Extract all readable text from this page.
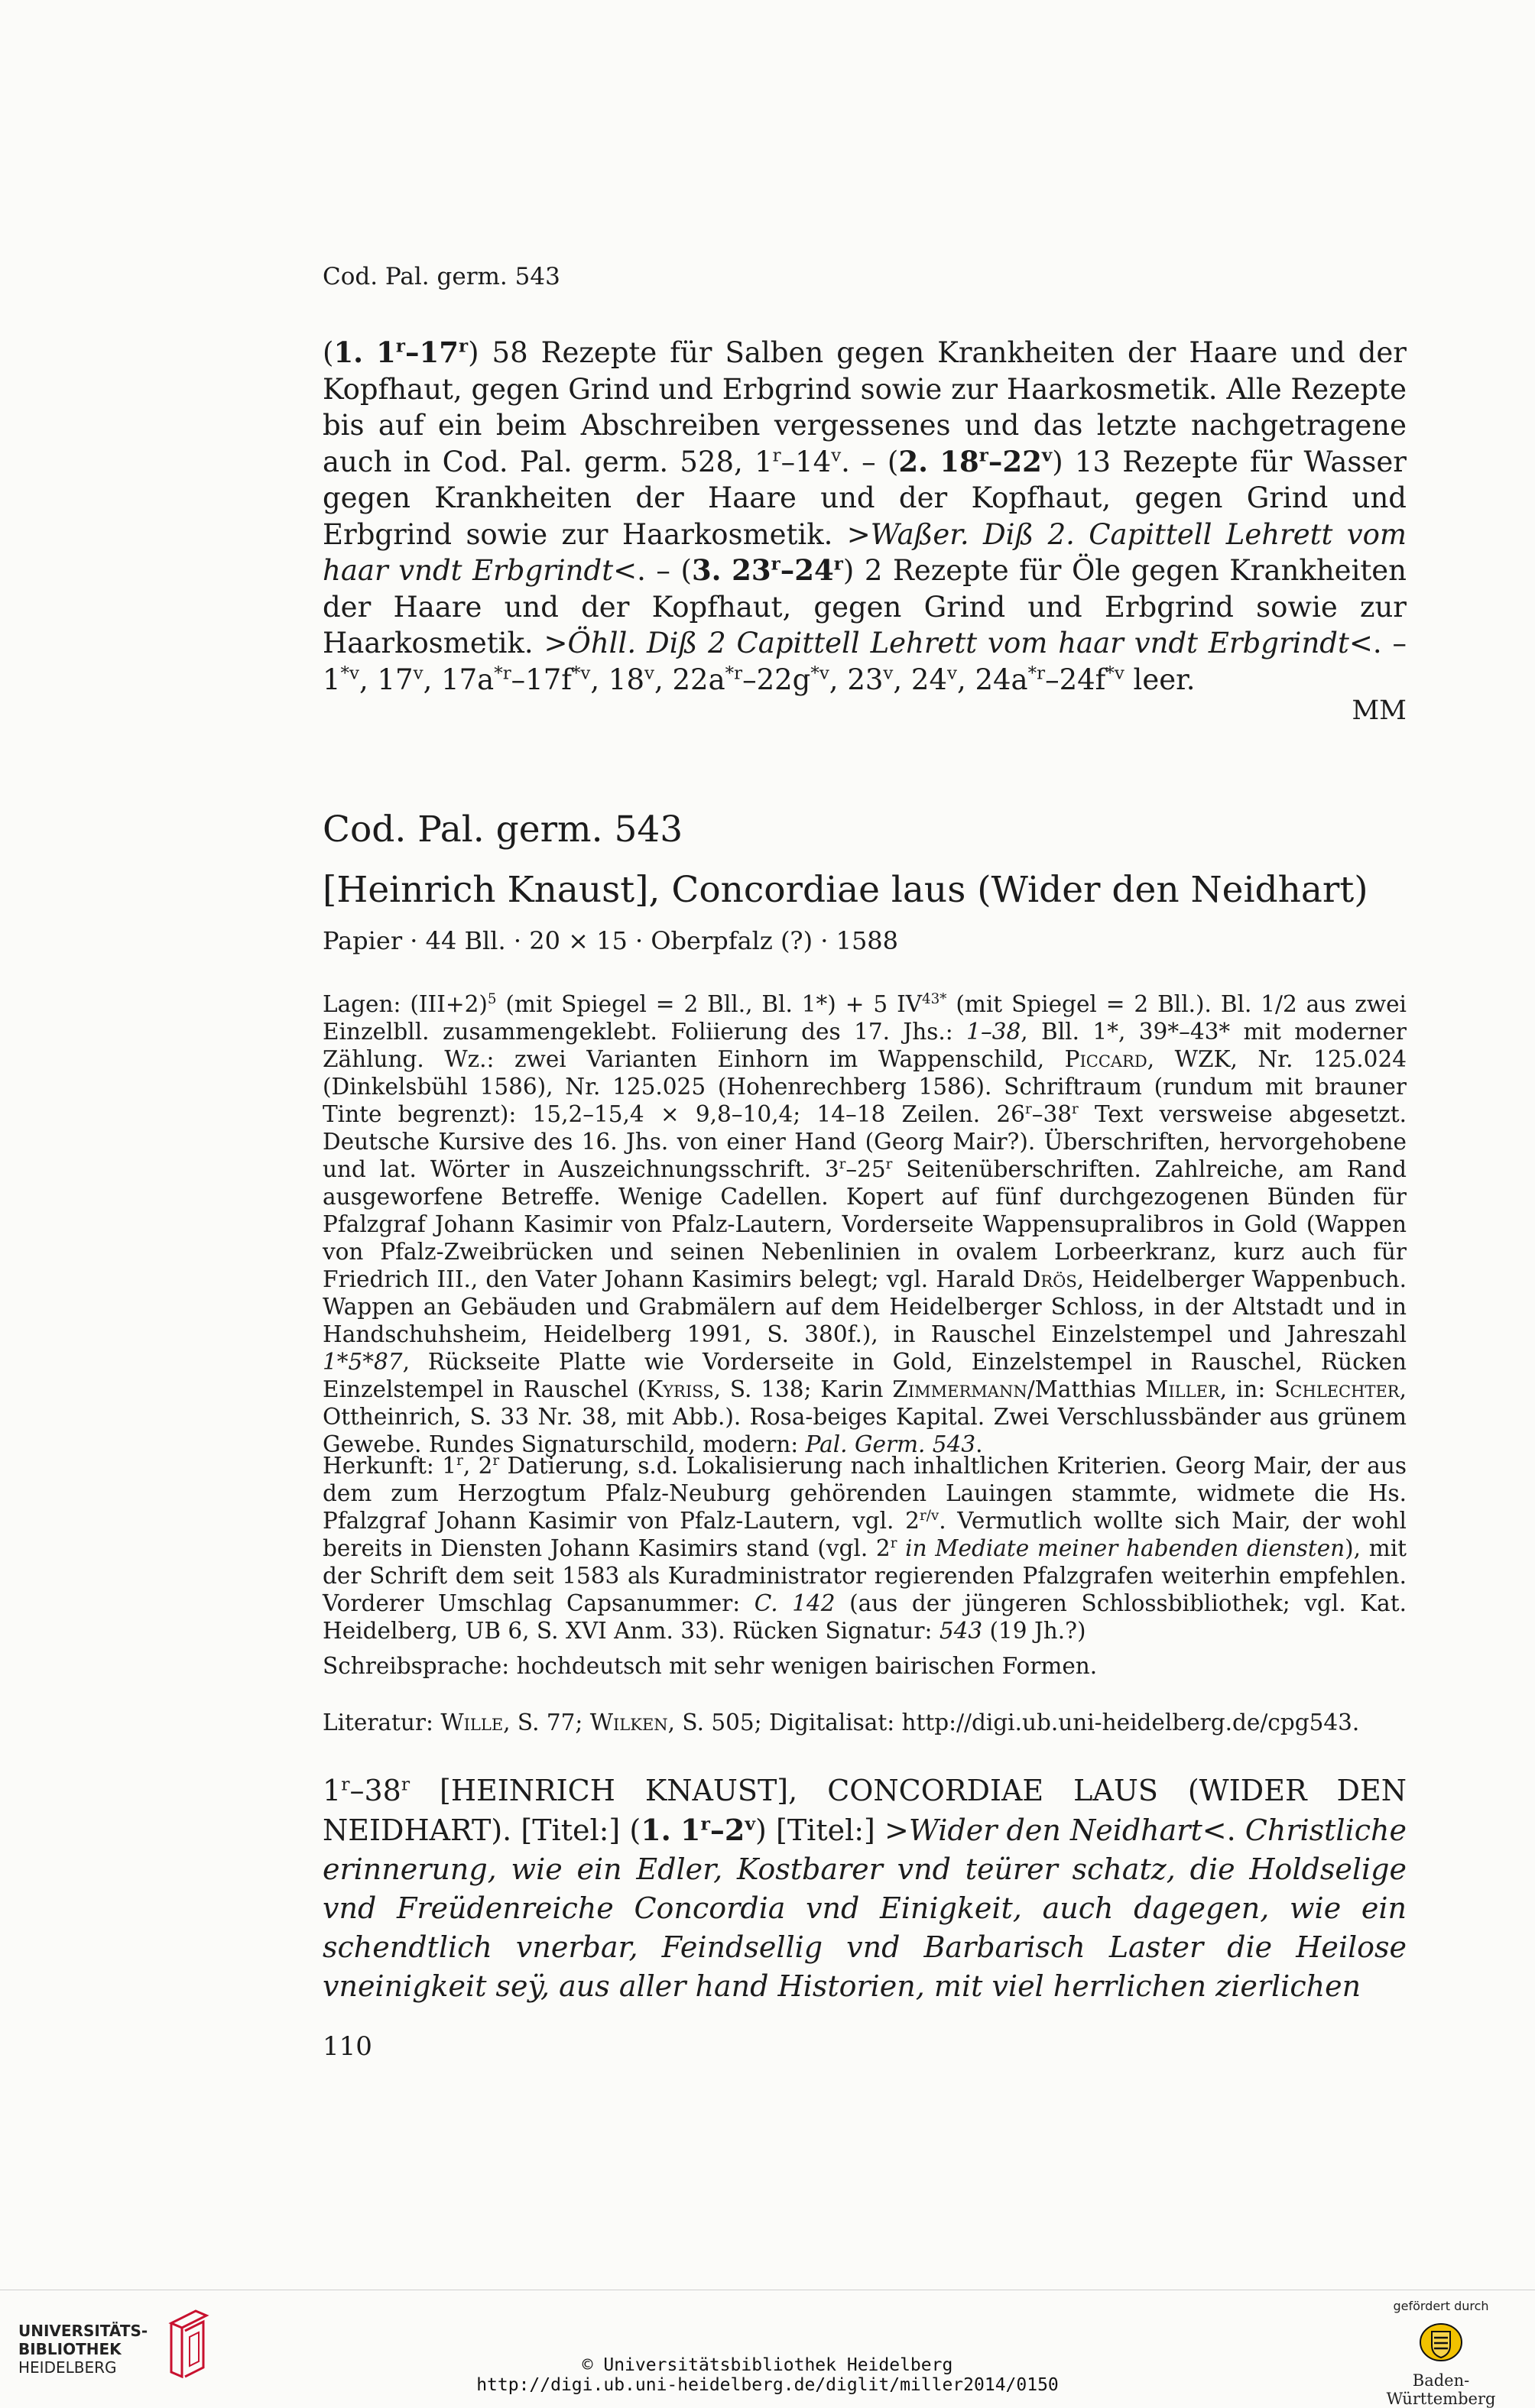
Cod. Pal. germ. 543
(1. 1$^r$–17$^r$) 58 Rezepte für Salben gegen Krankheiten der Haare und der Kopfhaut, gegen Grind und Erbgrind sowie zur Haarkosmetik. Alle Rezepte bis auf ein beim Abschreiben vergessenes und das letzte nachgetragene auch in Cod. Pal. germ. 528, 1$^r$–14$^v$. – (2. 18$^r$–22$^v$) 13 Rezepte für Wasser gegen Krankheiten der Haare und der Kopfhaut, gegen Grind und Erbgrind sowie zur Haarkosmetik. >Waßer. Diß 2. Capittell Lehrett vom haar vndt Erbgrindt<. – (3. 23$^r$–24$^r$) 2 Rezepte für Öle gegen Krankheiten der Haare und der Kopfhaut, gegen Grind und Erbgrind sowie zur Haarkosmetik. >Öhll. Diß 2 Capittell Lehrett vom haar vndt Erbgrindt<. – 1$^{*v}$, 17$^v$, $17a^{*r}-17f^{*v}$, 18$^v$, $22a^{*r}-22g^{*v}$, 23$^v$, 24$^v$, $24a^{*r}-24f^{*v}$ leer.
MM
Cod. Pal. germ. 543
[Heinrich Knaust], Concordiae laus (Wider den Neidhart)
Papier · 44 Bll. · 20 × 15 · Oberpfalz (?) · 1588
Lagen: $(III+2)^5$ (mit Spiegel = 2 Bll., Bl. 1*) + 5 $IV^{43*}$ (mit Spiegel = 2 Bll.). Bl. 1/2 aus zwei Einzelbll. zusammengeklebt. Foliierung des 17. Jhs.: 1–38, Bll. 1*, 39*–43* mit moderner Zählung. Wz.: zwei Varianten Einhorn im Wappenschild, Piccard, WZK, Nr. 125.024 (Dinkelsbühl 1586), Nr. 125.025 (Hohenrechberg 1586). Schriftraum (rundum mit brauner Tinte begrenzt): 15,2–15,4 × 9,8–10,4; 14–18 Zeilen. 26$^r$–38$^r$ Text versweise abgesetzt. Deutsche Kursive des 16. Jhs. von einer Hand (Georg Mair?). Überschriften, hervorgehobene und lat. Wörter in Auszeichnungsschrift. 3$^r$–25$^r$ Seitenüberschriften. Zahlreiche, am Rand ausgeworfene Betreffe. Wenige Cadellen. Kopert auf fünf durchgezogenen Bünden für Pfalzgraf Johann Kasimir von Pfalz-Lautern, Vorderseite Wappensupralibros in Gold (Wappen von Pfalz-Zweibrücken und seinen Nebenlinien in ovalem Lorbeerkranz, kurz auch für Friedrich III., den Vater Johann Kasimirs belegt; vgl. Harald Drös, Heidelberger Wappenbuch. Wappen an Gebäuden und Grabmälern auf dem Heidelberger Schloss, in der Altstadt und in Handschuhsheim, Heidelberg 1991, S. 380f.), in Rauschel Einzelstempel und Jahreszahl 1*5*87, Rückseite Platte wie Vorderseite in Gold, Einzelstempel in Rauschel, Rücken Einzelstempel in Rauschel (Kyriss, S. 138; Karin Zimmermann/Matthias Miller, in: Schlechter, Ottheinrich, S. 33 Nr. 38, mit Abb.). Rosa-beiges Kapital. Zwei Verschlussbänder aus grünem Gewebe. Rundes Signaturschild, modern: Pal. Germ. 543.
Herkunft: 1$^r$, 2$^r$ Datierung, s.d. Lokalisierung nach inhaltlichen Kriterien. Georg Mair, der aus dem zum Herzogtum Pfalz-Neuburg gehörenden Lauingen stammte, widmete die Hs. Pfalzgraf Johann Kasimir von Pfalz-Lautern, vgl. $2^{r/v}$. Vermutlich wollte sich Mair, der wohl bereits in Diensten Johann Kasimirs stand (vgl. 2$^r$ in Mediate meiner habenden diensten), mit der Schrift dem seit 1583 als Kuradministrator regierenden Pfalzgrafen weiterhin empfehlen. Vorderer Umschlag Capsanummer: C. 142 (aus der jüngeren Schlossbibliothek; vgl. Kat. Heidelberg, UB 6, S. XVI Anm. 33). Rücken Signatur: 543 (19 Jh.?)
Schreibsprache: hochdeutsch mit sehr wenigen bairischen Formen.
Literatur: Wille, S. 77; Wilken, S. 505; Digitalisat: http://digi.ub.uni-heidelberg.de/cpg543.
1$^r$–38$^r$ [HEINRICH KNAUST], CONCORDIAE LAUS (WIDER DEN NEIDHART). [Titel:] (1. 1$^r$–2$^v$) [Titel:] >Wider den Neidhart<. Christliche erinnerung, wie ein Edler, Kostbarer vnd teürer schatz, die Holdselige vnd Freüdenreiche Concordia vnd Einigkeit, auch dagegen, wie ein schendtlich vnerbar, Feindsellig vnd Barbarisch Laster die Heilose vneinigkeit seÿ, aus aller hand Historien, mit viel herrlichen zierlichen
110
UNIVERSITÄTS-
BIBLIOTHEK
HEIDELBERG	© Universitätsbibliothek Heidelberg
http://digi.ub.uni-heidelberg.de/diglit/miller2014/0150
gefördert durch
Baden-Württemberg
